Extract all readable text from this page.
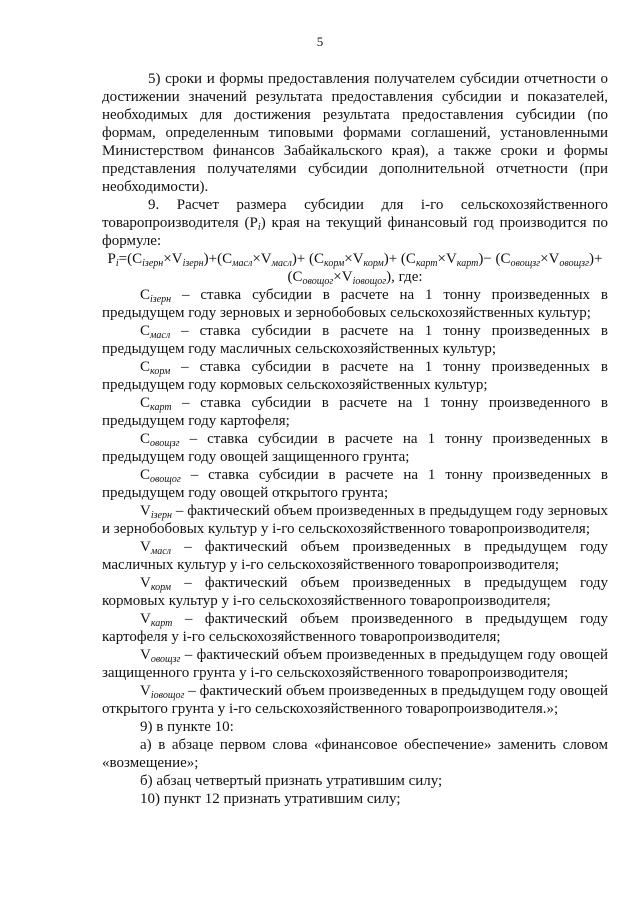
5

5) сроки и формы предоставления получателем субсидии отчетности о достижении значений результата предоставления субсидии и показателей, необходимых для достижения результата предоставления субсидии (по формам, определенным типовыми формами соглашений, установленными Министерством финансов Забайкальского края), а также сроки и формы представления получателями субсидии дополнительной отчетности (при необходимости).

9. Расчет размера субсидии для i-го сельскохозяйственного товаропроизводителя $(P_i)$ края на текущий финансовый год производится по формуле:

$P_i=(C_{iзерн}\times V_{iзерн})+(C_{масл}\times V_{масл})+ (C_{корм}\times V_{корм})+ (C_{карт}\times V_{карт})- (C_{овощзг}\times V_{овощзг})+$
$(C_{овощог}\times V_{iовощог})$, где:

$С_{iзерн}$ – ставка субсидии в расчете на 1 тонну произведенных в предыдущем году зерновых и зернобобовых сельскохозяйственных культур;

$С_{масл}$ – ставка субсидии в расчете на 1 тонну произведенных в предыдущем году масличных сельскохозяйственных культур;

$С_{корм}$ – ставка субсидии в расчете на 1 тонну произведенных в предыдущем году кормовых сельскохозяйственных культур;

$С_{карт}$ – ставка субсидии в расчете на 1 тонну произведенного в предыдущем году картофеля;

$С_{овощзг}$ – ставка субсидии в расчете на 1 тонну произведенных в предыдущем году овощей защищенного грунта;

$С_{овощог}$ – ставка субсидии в расчете на 1 тонну произведенных в предыдущем году овощей открытого грунта;

$V_{iзерн}$ – фактический объем произведенных в предыдущем году зерновых и зернобобовых культур у i-го сельскохозяйственного товаропроизводителя;

$V_{масл}$ – фактический объем произведенных в предыдущем году масличных культур у i-го сельскохозяйственного товаропроизводителя;

$V_{корм}$ – фактический объем произведенных в предыдущем году кормовых культур у i-го сельскохозяйственного товаропроизводителя;

$V_{карт}$ – фактический объем произведенного в предыдущем году картофеля у i-го сельскохозяйственного товаропроизводителя;

$V_{овощзг}$ – фактический объем произведенных в предыдущем году овощей защищенного грунта у i-го сельскохозяйственного товаропроизводителя;

$V_{iовощог}$ – фактический объем произведенных в предыдущем году овощей открытого грунта у i-го сельскохозяйственного товаропроизводителя.»;

9) в пункте 10:

а) в абзаце первом слова «финансовое обеспечение» заменить словом «возмещение»;

б) абзац четвертый признать утратившим силу;

10) пункт 12 признать утратившим силу;
